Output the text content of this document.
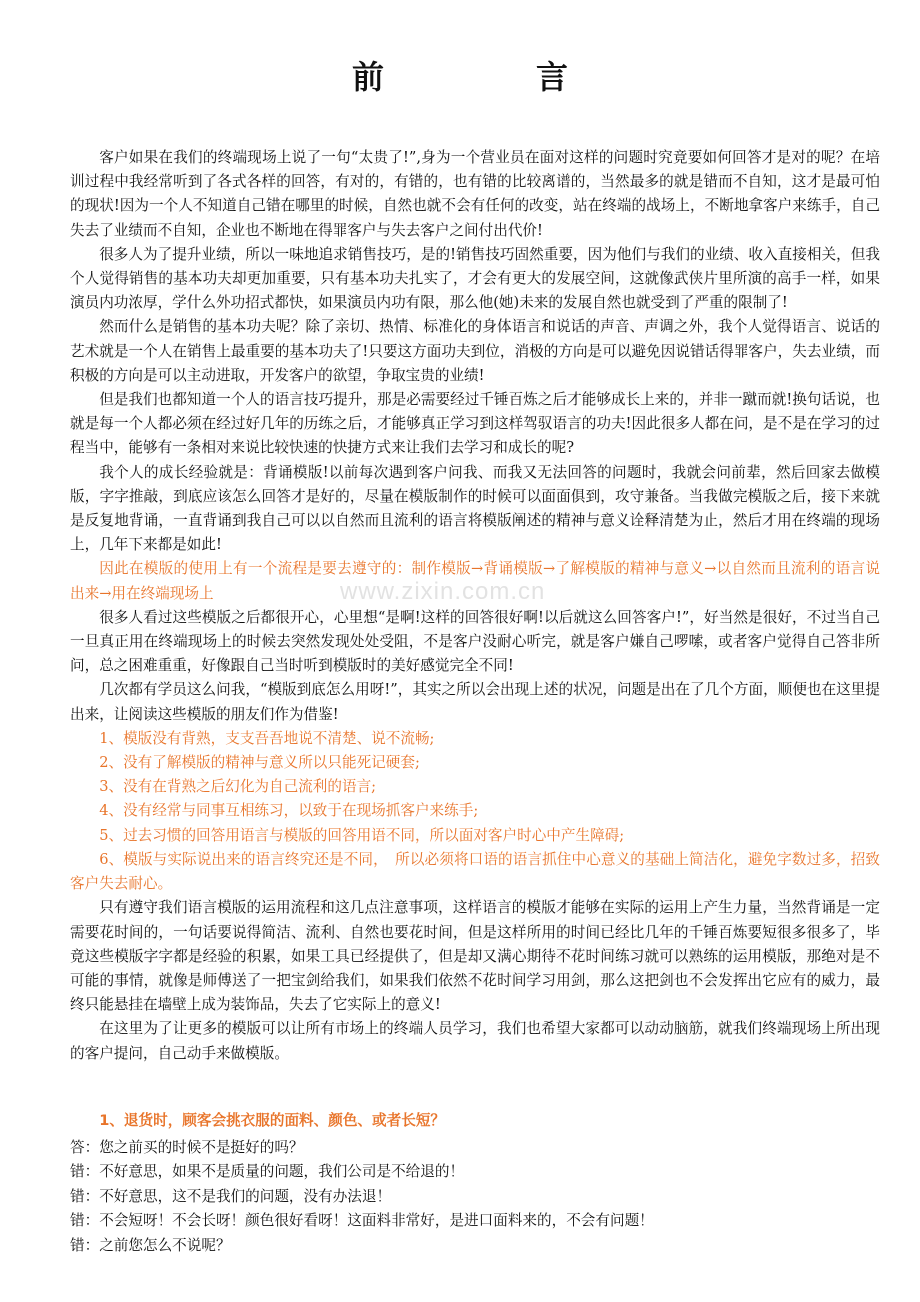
前　言
www.zixin.com.cn

客户如果在我们的终端现场上说了一句“太贵了!”,身为一个营业员在面对这样的问题时究竟要如何回答才是对的呢？在培训过程中我经常听到了各式各样的回答，有对的，有错的，也有错的比较离谱的，当然最多的就是错而不自知，这才是最可怕的现状!因为一个人不知道自己错在哪里的时候，自然也就不会有任何的改变，站在终端的战场上，不断地拿客户来练手，自己失去了业绩而不自知，企业也不断地在得罪客户与失去客户之间付出代价!

很多人为了提升业绩，所以一味地追求销售技巧，是的!销售技巧固然重要，因为他们与我们的业绩、收入直接相关，但我个人觉得销售的基本功夫却更加重要，只有基本功夫扎实了，才会有更大的发展空间，这就像武侠片里所演的高手一样，如果演员内功浓厚，学什么外功招式都快，如果演员内功有限，那么他(她)未来的发展自然也就受到了严重的限制了!

然而什么是销售的基本功夫呢？除了亲切、热情、标准化的身体语言和说话的声音、声调之外，我个人觉得语言、说话的艺术就是一个人在销售上最重要的基本功夫了!只要这方面功夫到位，消极的方向是可以避免因说错话得罪客户，失去业绩，而积极的方向是可以主动进取，开发客户的欲望，争取宝贵的业绩!

但是我们也都知道一个人的语言技巧提升，那是必需要经过千锤百炼之后才能够成长上来的，并非一蹴而就!换句话说，也就是每一个人都必须在经过好几年的历练之后，才能够真正学习到这样驾驭语言的功夫!因此很多人都在问，是不是在学习的过程当中，能够有一条相对来说比较快速的快捷方式来让我们去学习和成长的呢?

我个人的成长经验就是：背诵模版!以前每次遇到客户问我、而我又无法回答的问题时，我就会问前辈，然后回家去做模版，字字推敲，到底应该怎么回答才是好的，尽量在模版制作的时候可以面面俱到，攻守兼备。当我做完模版之后，接下来就是反复地背诵，一直背诵到我自己可以以自然而且流利的语言将模版阐述的精神与意义诠释清楚为止，然后才用在终端的现场上，几年下来都是如此!

因此在模版的使用上有一个流程是要去遵守的：制作模版→背诵模版→了解模版的精神与意义→以自然而且流利的语言说出来→用在终端现场上

很多人看过这些模版之后都很开心，心里想“是啊!这样的回答很好啊!以后就这么回答客户!”，好当然是很好，不过当自己一旦真正用在终端现场上的时候去突然发现处处受阻，不是客户没耐心听完，就是客户嫌自己啰嗦，或者客户觉得自己答非所问，总之困难重重，好像跟自己当时听到模版时的美好感觉完全不同!

几次都有学员这么问我，“模版到底怎么用呀!”，其实之所以会出现上述的状况，问题是出在了几个方面，顺便也在这里提出来，让阅读这些模版的朋友们作为借鉴!

1、模版没有背熟，支支吾吾地说不清楚、说不流畅;

2、没有了解模版的精神与意义所以只能死记硬套;

3、没有在背熟之后幻化为自己流利的语言;

4、没有经常与同事互相练习，以致于在现场抓客户来练手;

5、过去习惯的回答用语言与模版的回答用语不同，所以面对客户时心中产生障碍;

6、模版与实际说出来的语言终究还是不同，　所以必须将口语的语言抓住中心意义的基础上简洁化，避免字数过多，招致客户失去耐心。

只有遵守我们语言模版的运用流程和这几点注意事项，这样语言的模版才能够在实际的运用上产生力量，当然背诵是一定需要花时间的，一句话要说得简洁、流利、自然也要花时间，但是这样所用的时间已经比几年的千锤百炼要短很多很多了，毕竟这些模版字字都是经验的积累，如果工具已经提供了，但是却又满心期待不花时间练习就可以熟练的运用模版，那绝对是不可能的事情，就像是师傅送了一把宝剑给我们，如果我们依然不花时间学习用剑，那么这把剑也不会发挥出它应有的威力，最终只能悬挂在墙壁上成为装饰品，失去了它实际上的意义!

在这里为了让更多的模版可以让所有市场上的终端人员学习，我们也希望大家都可以动动脑筋，就我们终端现场上所出现的客户提问，自己动手来做模版。

1、退货时，顾客会挑衣服的面料、颜色、或者长短？

答：您之前买的时候不是挺好的吗？

错：不好意思，如果不是质量的问题，我们公司是不给退的！

错：不好意思，这不是我们的问题，没有办法退！

错：不会短呀！不会长呀！颜色很好看呀！这面料非常好，是进口面料来的，不会有问题！

错：之前您怎么不说呢？
